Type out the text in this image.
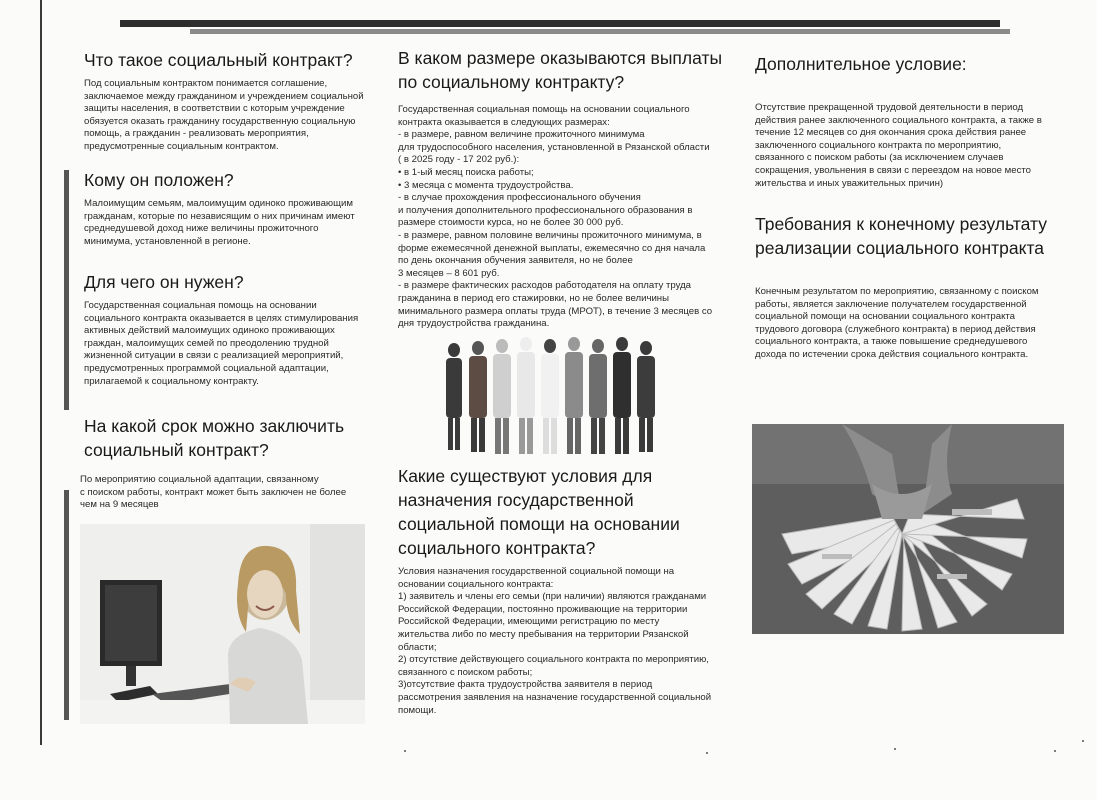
Что такое социальный контракт?

Под социальным контрактом понимается соглашение,
заключаемое между гражданином и учреждением социальной
защиты населения, в соответствии с которым учреждение
обязуется оказать гражданину государственную социальную
помощь, а гражданин - реализовать мероприятия,
предусмотренные социальным контрактом.

Кому он положен?

Малоимущим семьям, малоимущим одиноко проживающим
гражданам, которые по независящим о них причинам имеют
среднедушевой доход ниже величины прожиточного
минимума, установленной в регионе.

Для чего он нужен?

Государственная социальная помощь на основании
социального контракта оказывается в целях стимулирования
активных действий малоимущих одиноко проживающих
граждан, малоимущих семей по преодолению трудной
жизненной ситуации в связи с реализацией мероприятий,
предусмотренных программой социальной адаптации,
прилагаемой к социальному контракту.

На какой срок можно заключить
социальный контракт?

По мероприятию социальной адаптации, связанному
с поиском работы, контракт может быть заключен не более
чем на 9 месяцев

В каком размере оказываются выплаты
по социальному контракту?

Государственная социальная помощь на основании социального
контракта оказывается в следующих размерах:
- в размере, равном величине прожиточного минимума
для трудоспособного населения, установленной в Рязанской области
( в 2025 году - 17 202 руб.):
• в 1-ый месяц поиска работы;
• 3 месяца с момента трудоустройства.
- в случае прохождения профессионального обучения
и получения дополнительного профессионального образования в
размере стоимости курса, но не более 30 000 руб.
- в размере, равном половине величины прожиточного минимума, в
форме ежемесячной денежной выплаты, ежемесячно со дня начала
по день окончания обучения заявителя, но не более
3 месяцев – 8 601 руб.
- в размере фактических расходов работодателя на оплату труда
гражданина в период его стажировки, но не более величины
минимального размера оплаты труда (МРОТ), в течение 3 месяцев со
дня трудоустройства гражданина.

Какие существуют условия для
назначения государственной
социальной помощи на основании
социального контракта?

Условия назначения государственной социальной помощи на
основании социального контракта:
1) заявитель и члены его семьи (при наличии) являются гражданами
Российской Федерации, постоянно проживающие на территории
Российской Федерации, имеющими регистрацию по месту
жительства либо по месту пребывания на территории Рязанской
области;
2) отсутствие действующего социального контракта по мероприятию,
связанного с поиском работы;
3)отсутствие факта трудоустройства заявителя в период
рассмотрения заявления на назначение государственной социальной
помощи.

Дополнительное условие:

Отсутствие прекращенной трудовой деятельности в период
действия ранее заключенного социального контракта, а также в
течение 12 месяцев со дня окончания срока действия ранее
заключенного социального контракта по мероприятию,
связанного с поиском работы (за исключением случаев
сокращения, увольнения в связи с переездом на новое место
жительства и иных уважительных причин)

Требования к конечному результату
реализации социального контракта

Конечным результатом по мероприятию, связанному с поиском
работы, является заключение получателем государственной
социальной помощи на основании социального контракта
трудового договора (служебного контракта) в период действия
социального контракта, а также повышение среднедушевого
дохода по истечении срока действия социального контракта.
